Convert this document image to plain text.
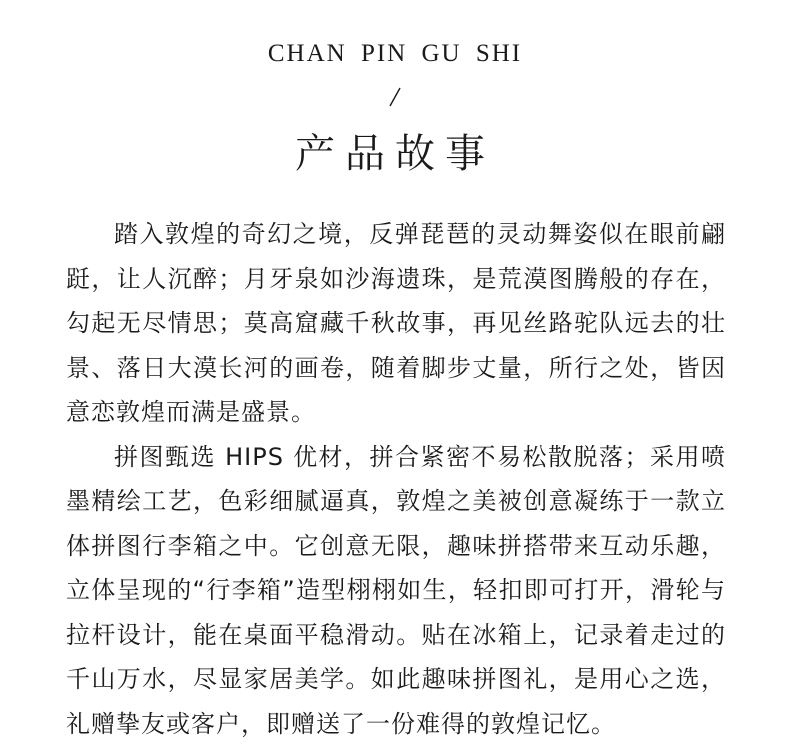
CHAN PIN GU SHI
产品故事

踏入敦煌的奇幻之境，反弹琵琶的灵动舞姿似在眼前翩跹，让人沉醉；月牙泉如沙海遗珠，是荒漠图腾般的存在，勾起无尽情思；莫高窟藏千秋故事，再见丝路驼队远去的壮景、落日大漠长河的画卷，随着脚步丈量，所行之处，皆因意恋敦煌而满是盛景。

拼图甄选 HIPS 优材，拼合紧密不易松散脱落；采用喷墨精绘工艺，色彩细腻逼真，敦煌之美被创意凝练于一款立体拼图行李箱之中。它创意无限，趣味拼搭带来互动乐趣，立体呈现的“行李箱”造型栩栩如生，轻扣即可打开，滑轮与拉杆设计，能在桌面平稳滑动。贴在冰箱上，记录着走过的千山万水，尽显家居美学。如此趣味拼图礼，是用心之选，礼赠挚友或客户，即赠送了一份难得的敦煌记忆。
